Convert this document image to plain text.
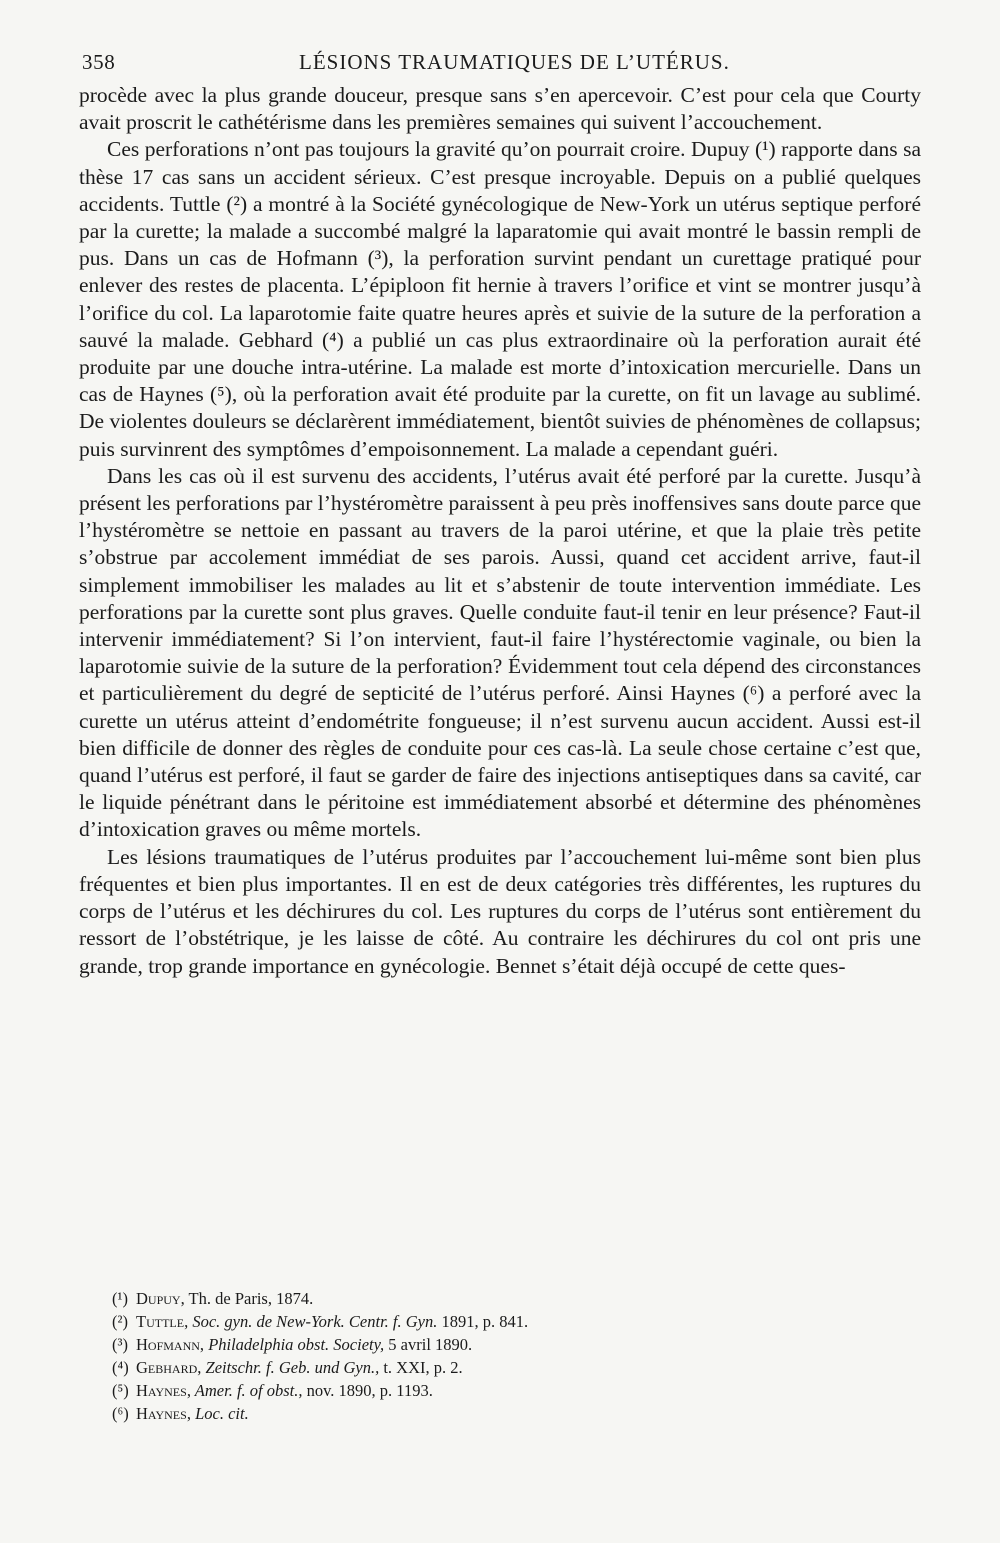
358	LÉSIONS TRAUMATIQUES DE L’UTÉRUS.

procède avec la plus grande douceur, presque sans s’en apercevoir. C’est pour cela que Courty avait proscrit le cathétérisme dans les premières semaines qui suivent l’accouchement.

Ces perforations n’ont pas toujours la gravité qu’on pourrait croire. Dupuy (¹) rapporte dans sa thèse 17 cas sans un accident sérieux. C’est presque incroyable. Depuis on a publié quelques accidents. Tuttle (²) a montré à la Société gynécologique de New-York un utérus septique perforé par la curette; la malade a succombé malgré la laparatomie qui avait montré le bassin rempli de pus. Dans un cas de Hofmann (³), la perforation survint pendant un curettage pratiqué pour enlever des restes de placenta. L’épiploon fit hernie à travers l’orifice et vint se montrer jusqu’à l’orifice du col. La laparotomie faite quatre heures après et suivie de la suture de la perforation a sauvé la malade. Gebhard (⁴) a publié un cas plus extraordinaire où la perforation aurait été produite par une douche intra-utérine. La malade est morte d’intoxication mercurielle. Dans un cas de Haynes (⁵), où la perforation avait été produite par la curette, on fit un lavage au sublimé. De violentes douleurs se déclarèrent immédiatement, bientôt suivies de phénomènes de collapsus; puis survinrent des symptômes d’empoisonnement. La malade a cependant guéri.

Dans les cas où il est survenu des accidents, l’utérus avait été perforé par la curette. Jusqu’à présent les perforations par l’hystéromètre paraissent à peu près inoffensives sans doute parce que l’hystéromètre se nettoie en passant au travers de la paroi utérine, et que la plaie très petite s’obstrue par accolement immédiat de ses parois. Aussi, quand cet accident arrive, faut-il simplement immobiliser les malades au lit et s’abstenir de toute intervention immédiate. Les perforations par la curette sont plus graves. Quelle conduite faut-il tenir en leur présence? Faut-il intervenir immédiatement? Si l’on intervient, faut-il faire l’hystérectomie vaginale, ou bien la laparotomie suivie de la suture de la perforation? Évidemment tout cela dépend des circonstances et particulièrement du degré de septicité de l’utérus perforé. Ainsi Haynes (⁶) a perforé avec la curette un utérus atteint d’endométrite fongueuse; il n’est survenu aucun accident. Aussi est-il bien difficile de donner des règles de conduite pour ces cas-là. La seule chose certaine c’est que, quand l’utérus est perforé, il faut se garder de faire des injections antiseptiques dans sa cavité, car le liquide pénétrant dans le péritoine est immédiatement absorbé et détermine des phénomènes d’intoxication graves ou même mortels.

Les lésions traumatiques de l’utérus produites par l’accouchement lui-même sont bien plus fréquentes et bien plus importantes. Il en est de deux catégories très différentes, les ruptures du corps de l’utérus et les déchirures du col. Les ruptures du corps de l’utérus sont entièrement du ressort de l’obstétrique, je les laisse de côté. Au contraire les déchirures du col ont pris une grande, trop grande importance en gynécologie. Bennet s’était déjà occupé de cette ques-

(¹) Dupuy, Th. de Paris, 1874.
(²) Tuttle, Soc. gyn. de New-York. Centr. f. Gyn. 1891, p. 841.
(³) Hofmann, Philadelphia obst. Society, 5 avril 1890.
(⁴) Gebhard, Zeitschr. f. Geb. und Gyn., t. XXI, p. 2.
(⁵) Haynes, Amer. f. of obst., nov. 1890, p. 1193.
(⁶) Haynes, Loc. cit.
